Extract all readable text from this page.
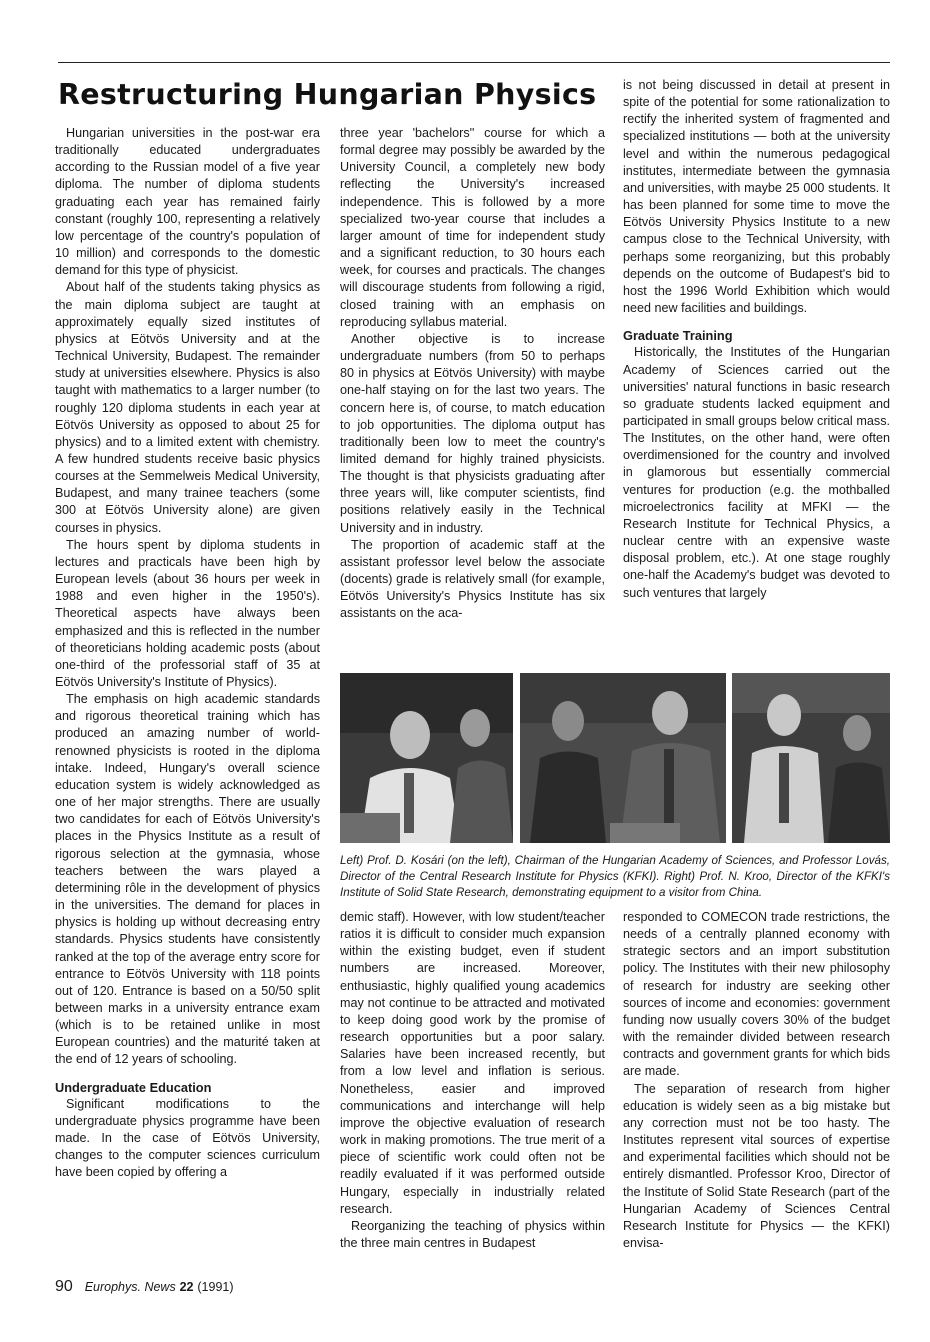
Restructuring Hungarian Physics

Hungarian universities in the post-war era traditionally educated undergraduates according to the Russian model of a five year diploma. The number of diploma students graduating each year has remained fairly constant (roughly 100, representing a relatively low percentage of the country's population of 10 million) and corresponds to the domestic demand for this type of physicist.

About half of the students taking physics as the main diploma subject are taught at approximately equally sized institutes of physics at Eötvös University and at the Technical University, Budapest. The remainder study at universities elsewhere. Physics is also taught with mathematics to a larger number (to roughly 120 diploma students in each year at Eötvös University as opposed to about 25 for physics) and to a limited extent with chemistry. A few hundred students receive basic physics courses at the Semmelweis Medical University, Budapest, and many trainee teachers (some 300 at Eötvös University alone) are given courses in physics.

The hours spent by diploma students in lectures and practicals have been high by European levels (about 36 hours per week in 1988 and even higher in the 1950's). Theoretical aspects have always been emphasized and this is reflected in the number of theoreticians holding academic posts (about one-third of the professorial staff of 35 at Eötvös University's Institute of Physics).

The emphasis on high academic standards and rigorous theoretical training which has produced an amazing number of world-renowned physicists is rooted in the diploma intake. Indeed, Hungary's overall science education system is widely acknowledged as one of her major strengths. There are usually two candidates for each of Eötvös University's places in the Physics Institute as a result of rigorous selection at the gymnasia, whose teachers between the wars played a determining rôle in the development of physics in the universities. The demand for places in physics is holding up without decreasing entry standards. Physics students have consistently ranked at the top of the average entry score for entrance to Eötvös University with 118 points out of 120. Entrance is based on a 50/50 split between marks in a university entrance exam (which is to be retained unlike in most European countries) and the maturité taken at the end of 12 years of schooling.

Undergraduate Education

Significant modifications to the undergraduate physics programme have been made. In the case of Eötvös University, changes to the computer sciences curriculum have been copied by offering a

three year 'bachelors'' course for which a formal degree may possibly be awarded by the University Council, a completely new body reflecting the University's increased independence. This is followed by a more specialized two-year course that includes a larger amount of time for independent study and a significant reduction, to 30 hours each week, for courses and practicals. The changes will discourage students from following a rigid, closed training with an emphasis on reproducing syllabus material.

Another objective is to increase undergraduate numbers (from 50 to perhaps 80 in physics at Eötvös University) with maybe one-half staying on for the last two years. The concern here is, of course, to match education to job opportunities. The diploma output has traditionally been low to meet the country's limited demand for highly trained physicists. The thought is that physicists graduating after three years will, like computer scientists, find positions relatively easily in the Technical University and in industry.

The proportion of academic staff at the assistant professor level below the associate (docents) grade is relatively small (for example, Eötvös University's Physics Institute has six assistants on the aca-

is not being discussed in detail at present in spite of the potential for some rationalization to rectify the inherited system of fragmented and specialized institutions — both at the university level and within the numerous pedagogical institutes, intermediate between the gymnasia and universities, with maybe 25 000 students. It has been planned for some time to move the Eötvös University Physics Institute to a new campus close to the Technical University, with perhaps some reorganizing, but this probably depends on the outcome of Budapest's bid to host the 1996 World Exhibition which would need new facilities and buildings.

Graduate Training

Historically, the Institutes of the Hungarian Academy of Sciences carried out the universities' natural functions in basic research so graduate students lacked equipment and participated in small groups below critical mass. The Institutes, on the other hand, were often overdimensioned for the country and involved in glamorous but essentially commercial ventures for production (e.g. the mothballed microelectronics facility at MFKI — the Research Institute for Technical Physics, a nuclear centre with an expensive waste disposal problem, etc.). At one stage roughly one-half the Academy's budget was devoted to such ventures that largely

Left) Prof. D. Kosári (on the left), Chairman of the Hungarian Academy of Sciences, and Professor Lovás, Director of the Central Research Institute for Physics (KFKI). Right) Prof. N. Kroo, Director of the KFKI's Institute of Solid State Research, demonstrating equipment to a visitor from China.

demic staff). However, with low student/teacher ratios it is difficult to consider much expansion within the existing budget, even if student numbers are increased. Moreover, enthusiastic, highly qualified young academics may not continue to be attracted and motivated to keep doing good work by the promise of research opportunities but a poor salary. Salaries have been increased recently, but from a low level and inflation is serious. Nonetheless, easier and improved communications and interchange will help improve the objective evaluation of research work in making promotions. The true merit of a piece of scientific work could often not be readily evaluated if it was performed outside Hungary, especially in industrially related research.

Reorganizing the teaching of physics within the three main centres in Budapest

responded to COMECON trade restrictions, the needs of a centrally planned economy with strategic sectors and an import substitution policy. The Institutes with their new philosophy of research for industry are seeking other sources of income and economies: government funding now usually covers 30% of the budget with the remainder divided between research contracts and government grants for which bids are made.

The separation of research from higher education is widely seen as a big mistake but any correction must not be too hasty. The Institutes represent vital sources of expertise and experimental facilities which should not be entirely dismantled. Professor Kroo, Director of the Institute of Solid State Research (part of the Hungarian Academy of Sciences Central Research Institute for Physics — the KFKI) envisa-

90 Europhys. News 22 (1991)
